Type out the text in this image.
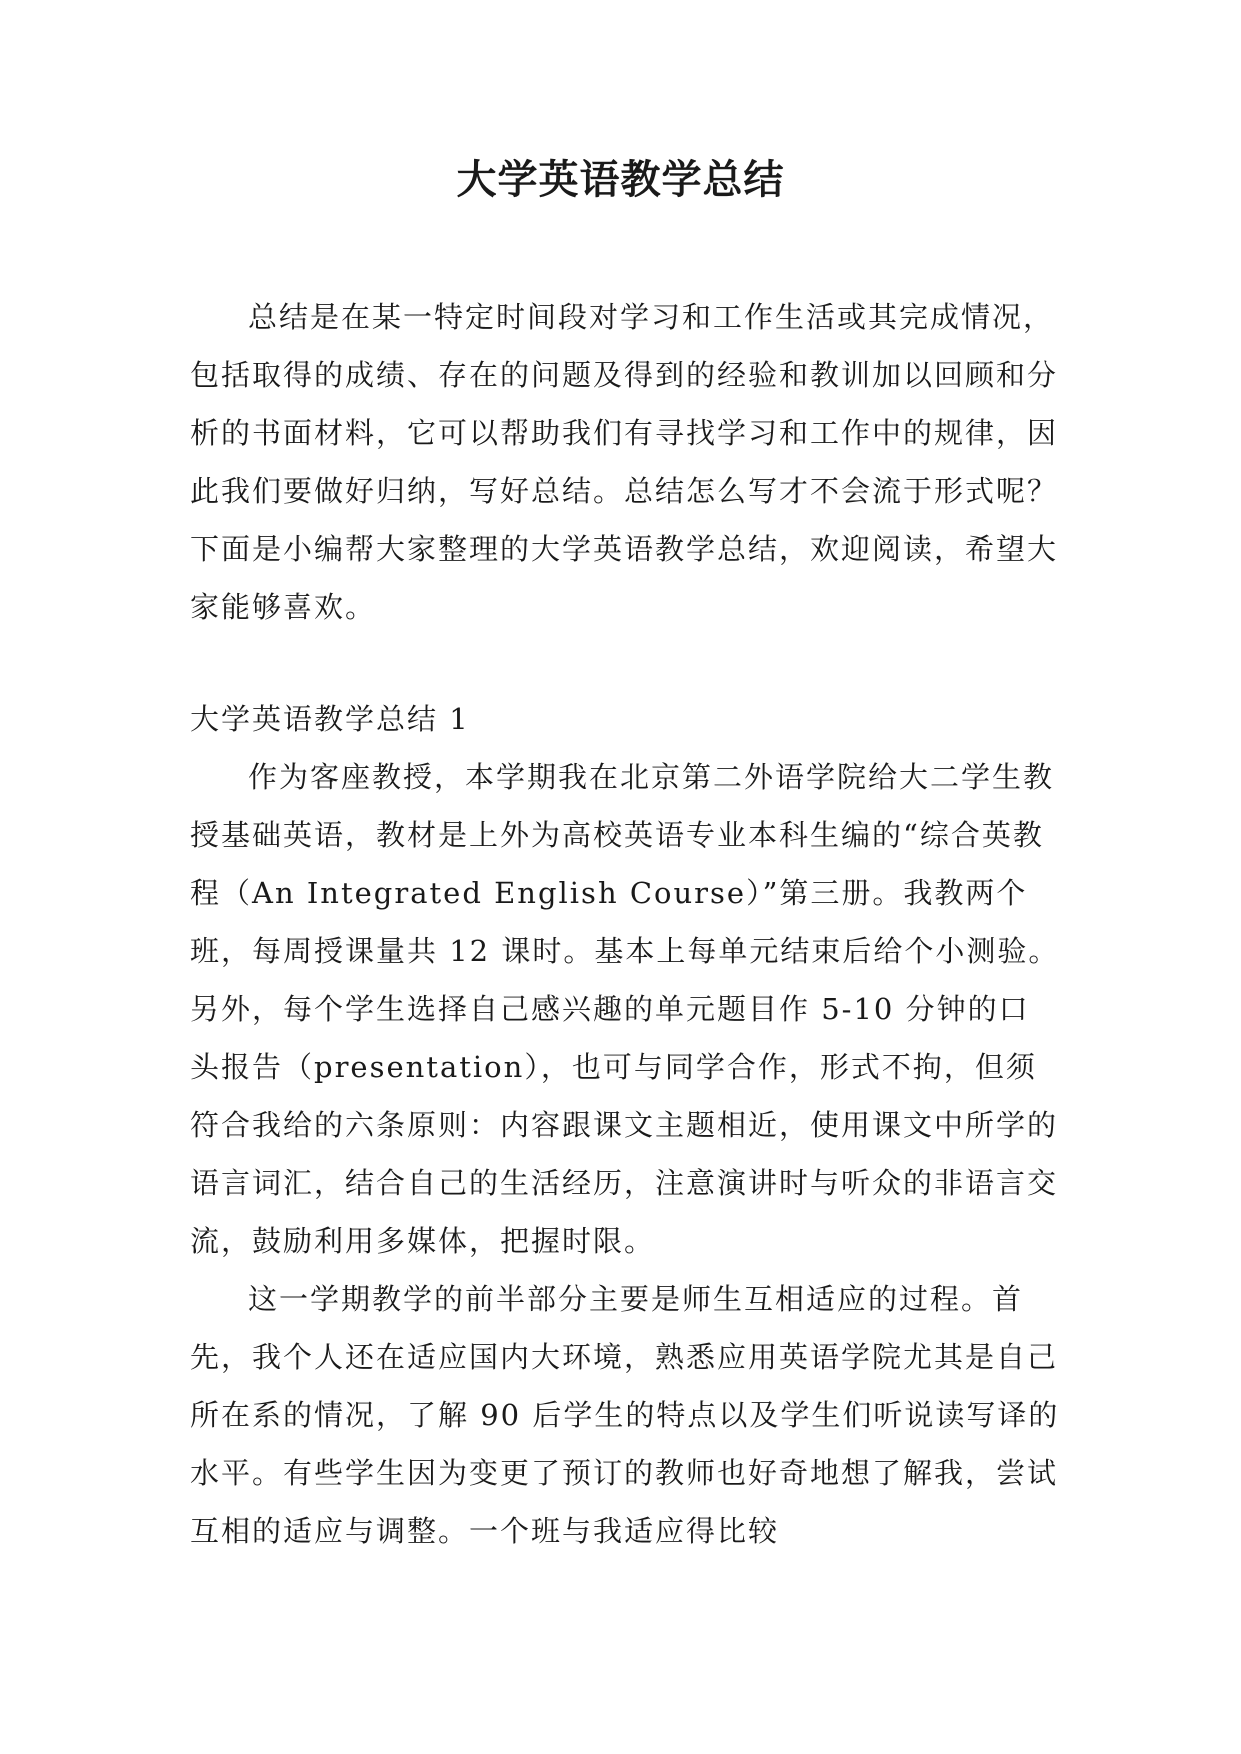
大学英语教学总结

总结是在某一特定时间段对学习和工作生活或其完成情况，包括取得的成绩、存在的问题及得到的经验和教训加以回顾和分析的书面材料，它可以帮助我们有寻找学习和工作中的规律，因此我们要做好归纳，写好总结。总结怎么写才不会流于形式呢？下面是小编帮大家整理的大学英语教学总结，欢迎阅读，希望大家能够喜欢。

大学英语教学总结 1

作为客座教授，本学期我在北京第二外语学院给大二学生教授基础英语，教材是上外为高校英语专业本科生编的“综合英教程（An Integrated English Course）”第三册。我教两个班，每周授课量共 12 课时。基本上每单元结束后给个小测验。另外，每个学生选择自己感兴趣的单元题目作 5-10 分钟的口头报告（presentation），也可与同学合作，形式不拘，但须符合我给的六条原则：内容跟课文主题相近，使用课文中所学的语言词汇，结合自己的生活经历，注意演讲时与听众的非语言交流，鼓励利用多媒体，把握时限。

这一学期教学的前半部分主要是师生互相适应的过程。首先，我个人还在适应国内大环境，熟悉应用英语学院尤其是自己所在系的情况，了解 90 后学生的特点以及学生们听说读写译的水平。有些学生因为变更了预订的教师也好奇地想了解我，尝试互相的适应与调整。一个班与我适应得比较
